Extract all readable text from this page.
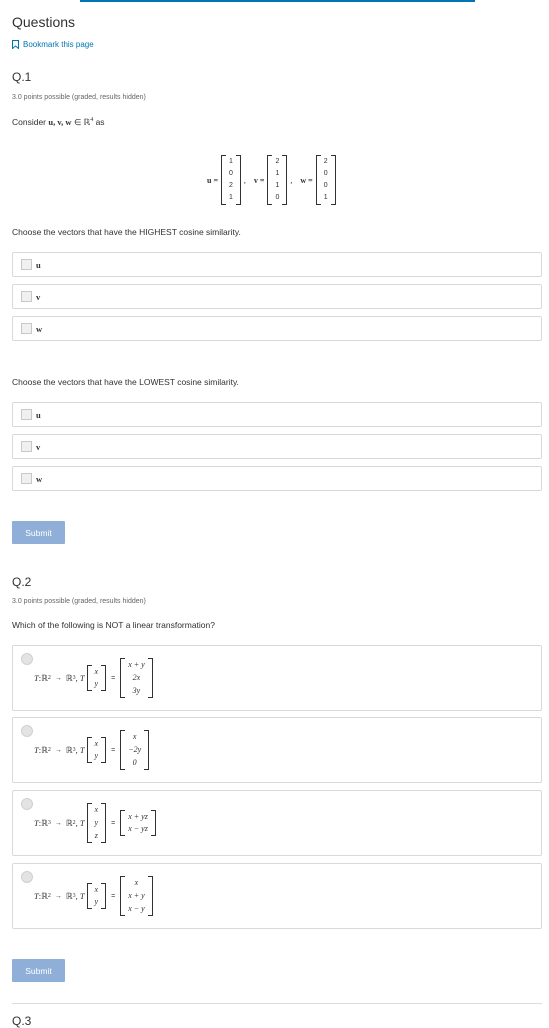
Questions
Bookmark this page
Q.1
3.0 points possible (graded, results hidden)
Consider u, v, w ∈ ℝ$^4$ as
u =
1
0
2
1
, v =
2
1
1
0
, w =
2
0
0
1
Choose the vectors that have the HIGHEST cosine similarity.
u
v
w
Choose the vectors that have the LOWEST cosine similarity.
u
v
w
Submit
Q.2
3.0 points possible (graded, results hidden)
Which of the following is NOT a linear transformation?
T :ℝ 2 → ℝ 3 , T
x
y
=
x + y
2x
3y
T :ℝ 2 → ℝ 3 , T
x
y
=
x
−2y
0
T :ℝ 3 → ℝ 2 , T
x
y
z
=
x + yz
x − yz
T :ℝ 2 → ℝ 3 , T
x
y
=
x
x + y
x − y
Submit
Q.3
